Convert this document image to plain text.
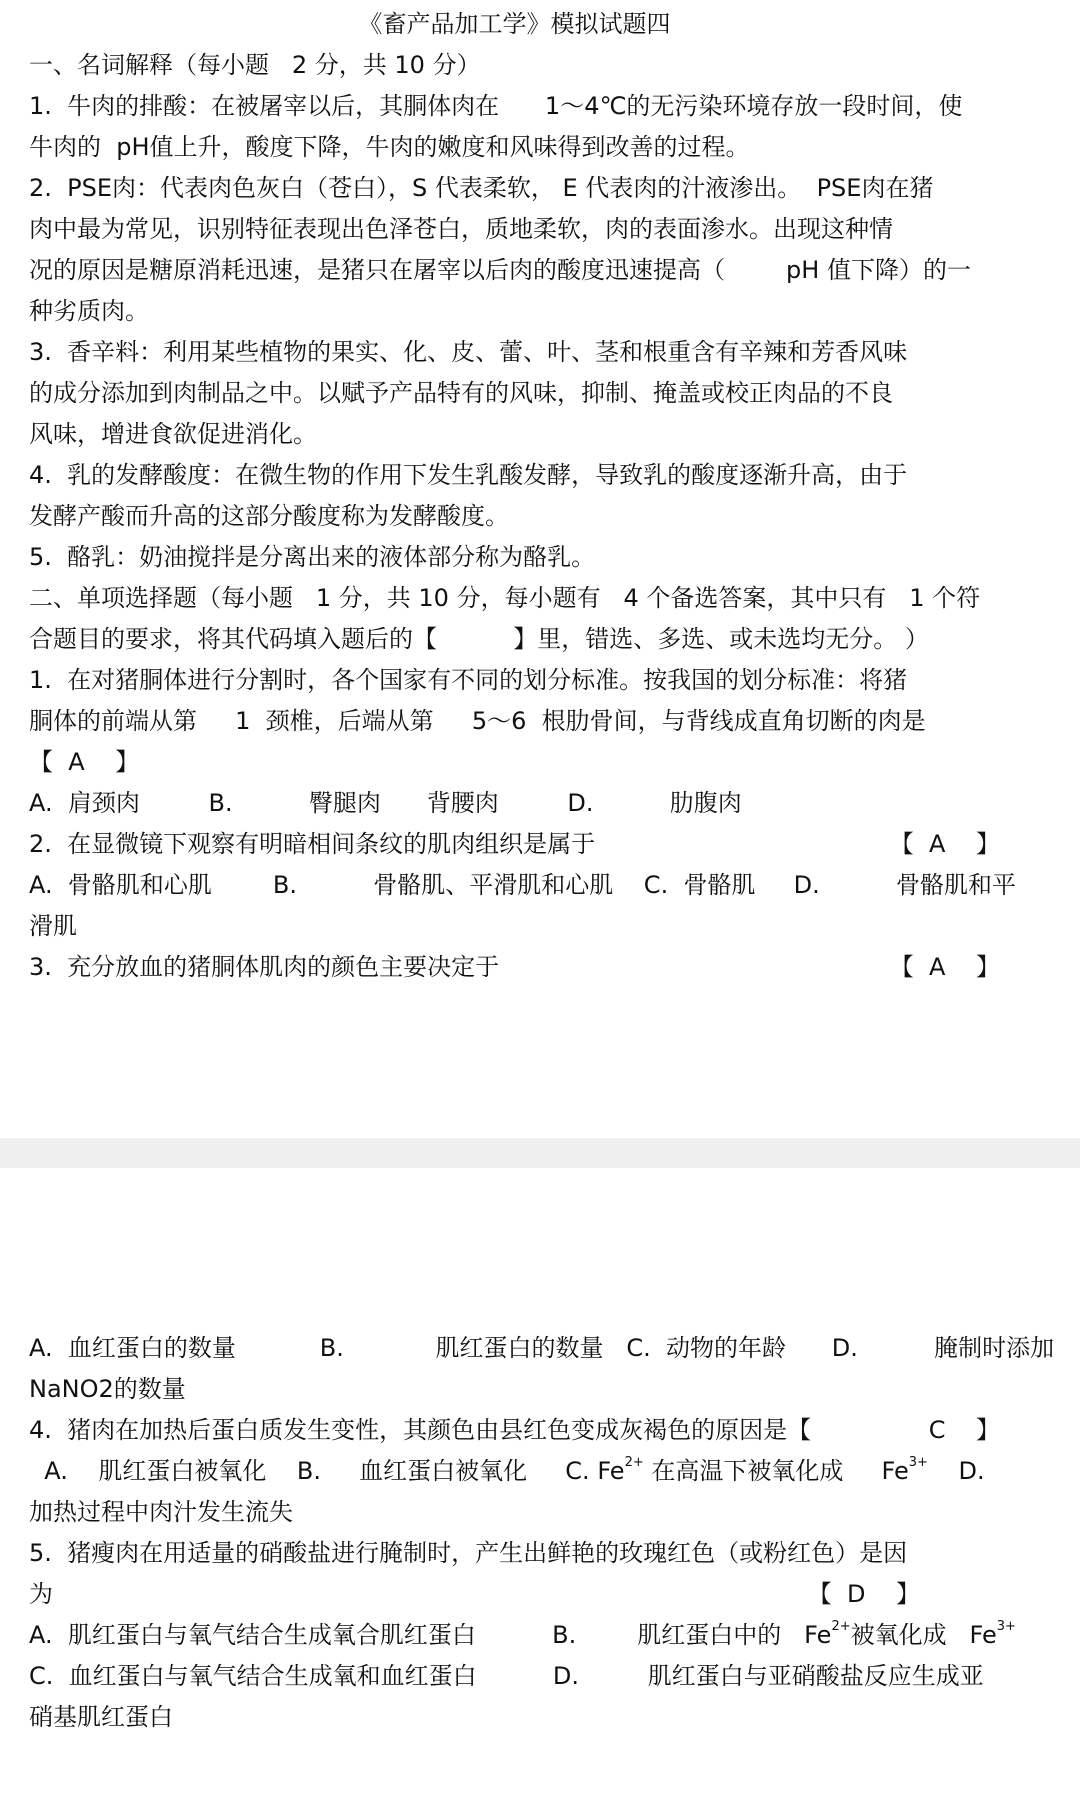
《畜产品加工学》模拟试题四
一、名词解释（每小题   2 分，共 10 分）
1.  牛肉的排酸：在被屠宰以后，其胴体肉在      1～4℃的无污染环境存放一段时间，使
牛肉的  pH值上升，酸度下降，牛肉的嫩度和风味得到改善的过程。
2.  PSE肉：代表肉色灰白（苍白），S 代表柔软， E 代表肉的汁液渗出。  PSE肉在猪
肉中最为常见，识别特征表现出色泽苍白，质地柔软，肉的表面渗水。出现这种情
况的原因是糖原消耗迅速，是猪只在屠宰以后肉的酸度迅速提高（        pH 值下降）的一
种劣质肉。
3.  香辛料：利用某些植物的果实、化、皮、蕾、叶、茎和根重含有辛辣和芳香风味
的成分添加到肉制品之中。以赋予产品特有的风味，抑制、掩盖或校正肉品的不良
风味，增进食欲促进消化。
4.  乳的发酵酸度：在微生物的作用下发生乳酸发酵，导致乳的酸度逐渐升高，由于
发酵产酸而升高的这部分酸度称为发酵酸度。
5.  酪乳：奶油搅拌是分离出来的液体部分称为酪乳。
二、单项选择题（每小题   1 分，共 10 分，每小题有   4 个备选答案，其中只有   1 个符
合题目的要求，将其代码填入题后的【          】里，错选、多选、或未选均无分。 ）
1.  在对猪胴体进行分割时，各个国家有不同的划分标准。按我国的划分标准：将猪
胴体的前端从第     1  颈椎，后端从第     5～6  根肋骨间，与背线成直角切断的肉是
【  A    】
A.  肩颈肉         B.          臀腿肉      背腰肉         D.          肋腹肉
2.  在显微镜下观察有明暗相间条纹的肌肉组织是属于	【  A    】
A.  骨骼肌和心肌        B.          骨骼肌、平滑肌和心肌    C.  骨骼肌     D.          骨骼肌和平
滑肌
3.  充分放血的猪胴体肌肉的颜色主要决定于	【  A    】
A.  血红蛋白的数量           B.            肌红蛋白的数量   C.  动物的年龄      D.          腌制时添加
NaNO2的数量
4.  猪肉在加热后蛋白质发生变性，其颜色由县红色变成灰褐色的原因是【	C    】
A.    肌红蛋白被氧化    B.     血红蛋白被氧化     C. $Fe^{2+}$ 在高温下被氧化成     $Fe^{3+}$    D.
加热过程中肉汁发生流失
5.  猪瘦肉在用适量的硝酸盐进行腌制时，产生出鲜艳的玫瑰红色（或粉红色）是因
为	【  D    】
A.  肌红蛋白与氧气结合生成氧合肌红蛋白          B.        肌红蛋白中的   $Fe^{2+}$被氧化成   $Fe^{3+}$
C.  血红蛋白与氧气结合生成氧和血红蛋白          D.         肌红蛋白与亚硝酸盐反应生成亚
硝基肌红蛋白
